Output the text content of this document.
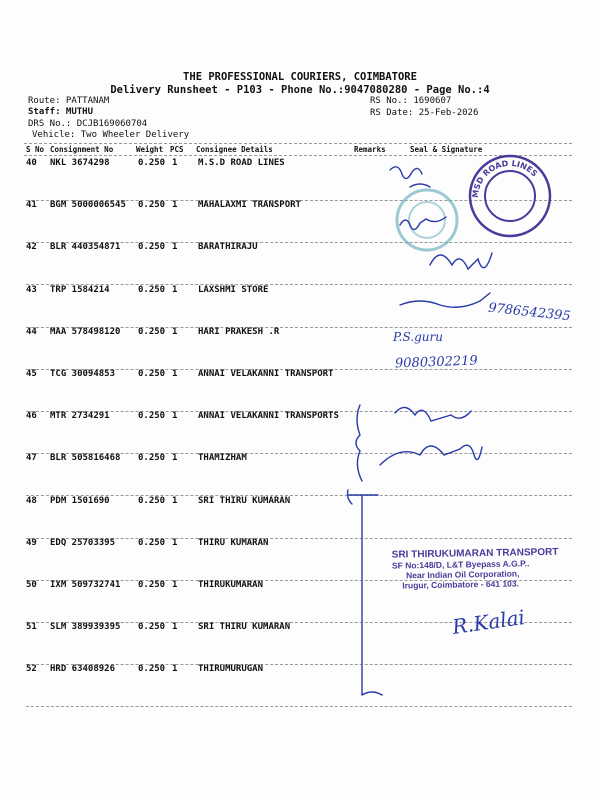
THE PROFESSIONAL COURIERS, COIMBATORE
Delivery Runsheet - P103 - Phone No.:9047080280 - Page No.:4
Route: PATTANAM
Staff: MUTHU
DRS No.: DCJB169060704
Vehicle: Two Wheeler Delivery
RS No.: 1690607
RS Date: 25-Feb-2026
S No Consignment No	Weight PCS Consignee Details	Remarks	Seal & Signature
40 NKL 3674298	0.250 1 M.S.D ROAD LINES
41 BGM 5000006545 0.250 1 MAHALAXMI TRANSPORT
42 BLR 440354871 0.250 1 BARATHIRAJU
43 TRP 1584214	0.250 1 LAXSHMI STORE
44 MAA 578498120 0.250 1 HARI PRAKESH .R
45 TCG 30094853	0.250 1 ANNAI VELAKANNI TRANSPORT
46 MTR 2734291	0.250 1 ANNAI VELAKANNI TRANSPORTS
47 BLR 505816468 0.250 1 THAMIZHAM
48 PDM 1501690	0.250 1 SRI THIRU KUMARAN
49 EDQ 25703395	0.250 1 THIRU KUMARAN
50 IXM 509732741 0.250 1 THIRUKUMARAN
51 SLM 389939395 0.250 1 SRI THIRU KUMARAN
52 HRD 63408926	0.250 1 THIRUMURUGAN
MSD ROAD LINES
9786542395
P.S.guru
9080302219
SRI THIRUKUMARAN TRANSPORT
SF No:148/D, L&T Byepass A.G.P..
Near Indian Oil Corporation,
Irugur, Coimbatore - 641 103.
R.Kalai
